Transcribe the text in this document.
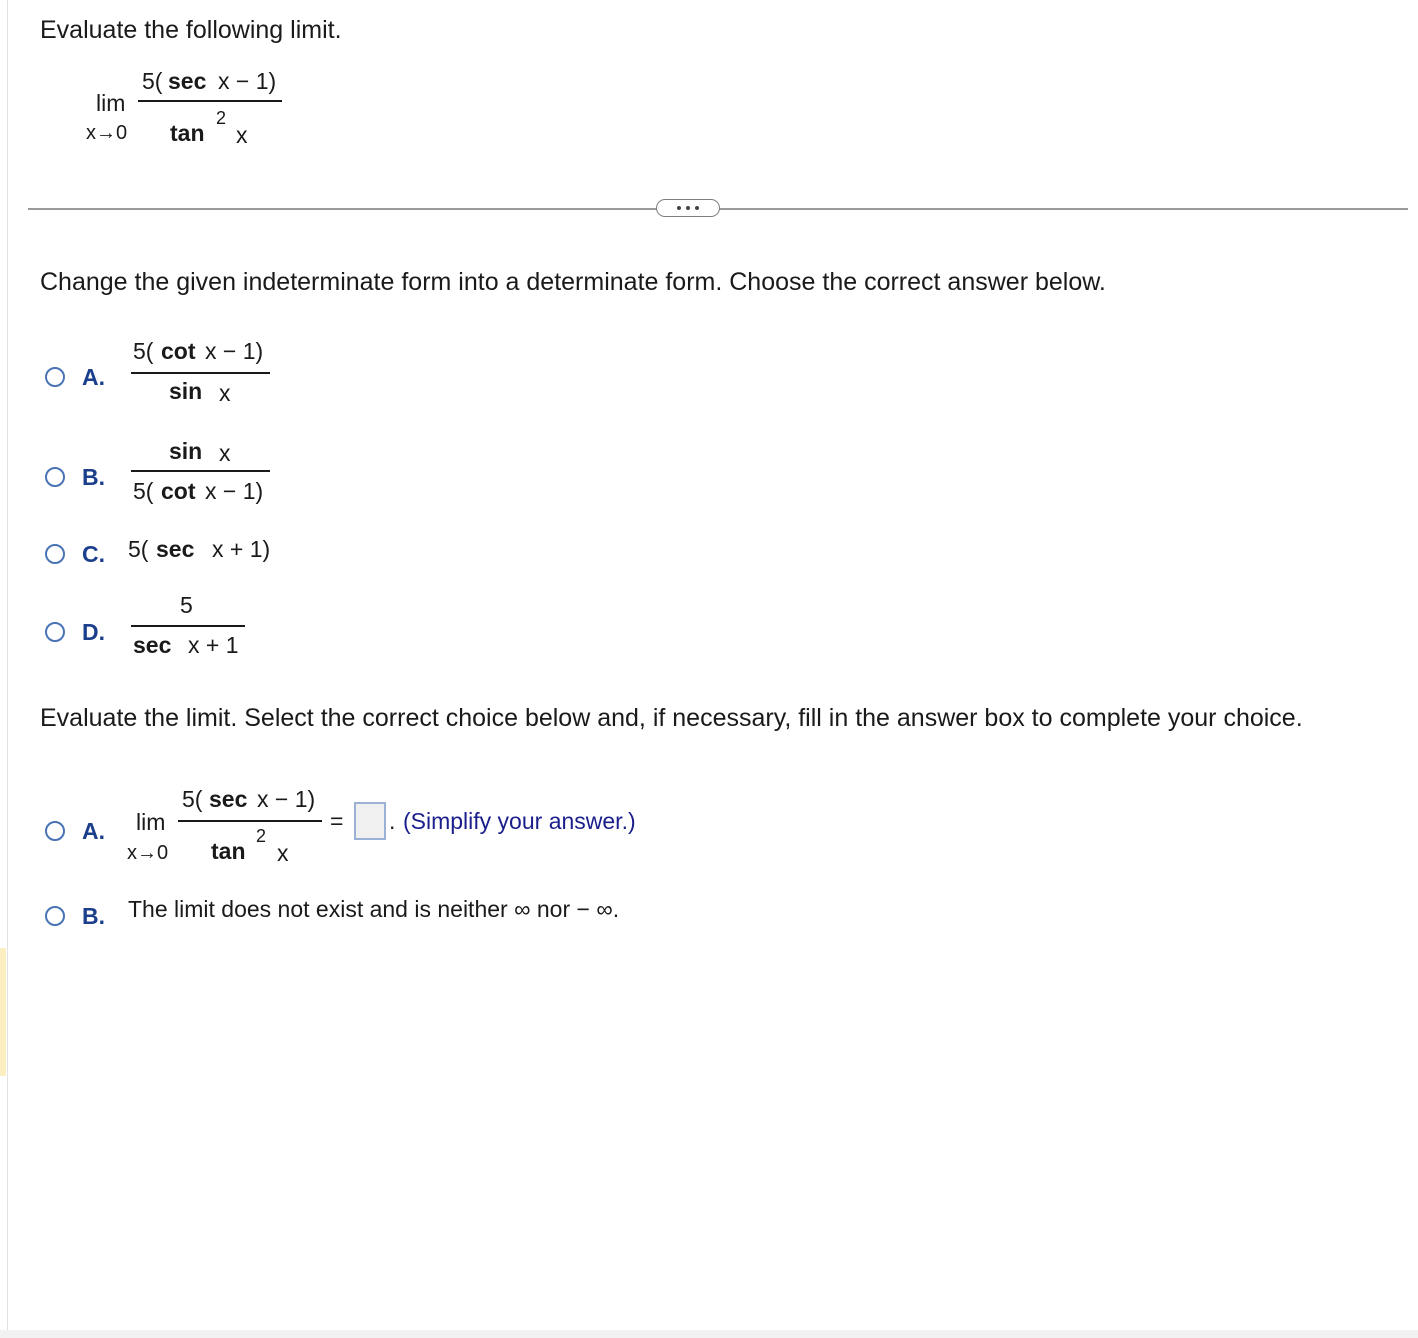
Evaluate the following limit.
lim
x→0
5( sec x − 1)
tan
2
x
Change the given indeterminate form into a determinate form. Choose the correct answer below.
A.
5( cot x − 1)
sin x
B.
sin x
5( cot x − 1)
C. 5( sec x + 1)
D.
5
sec x + 1
Evaluate the limit. Select the correct choice below and, if necessary, fill in the answer box to complete your choice.
A. lim
x→0
5( sec x − 1)
tan
2
x
= . (Simplify your answer.)
B. The limit does not exist and is neither ∞ nor − ∞.
